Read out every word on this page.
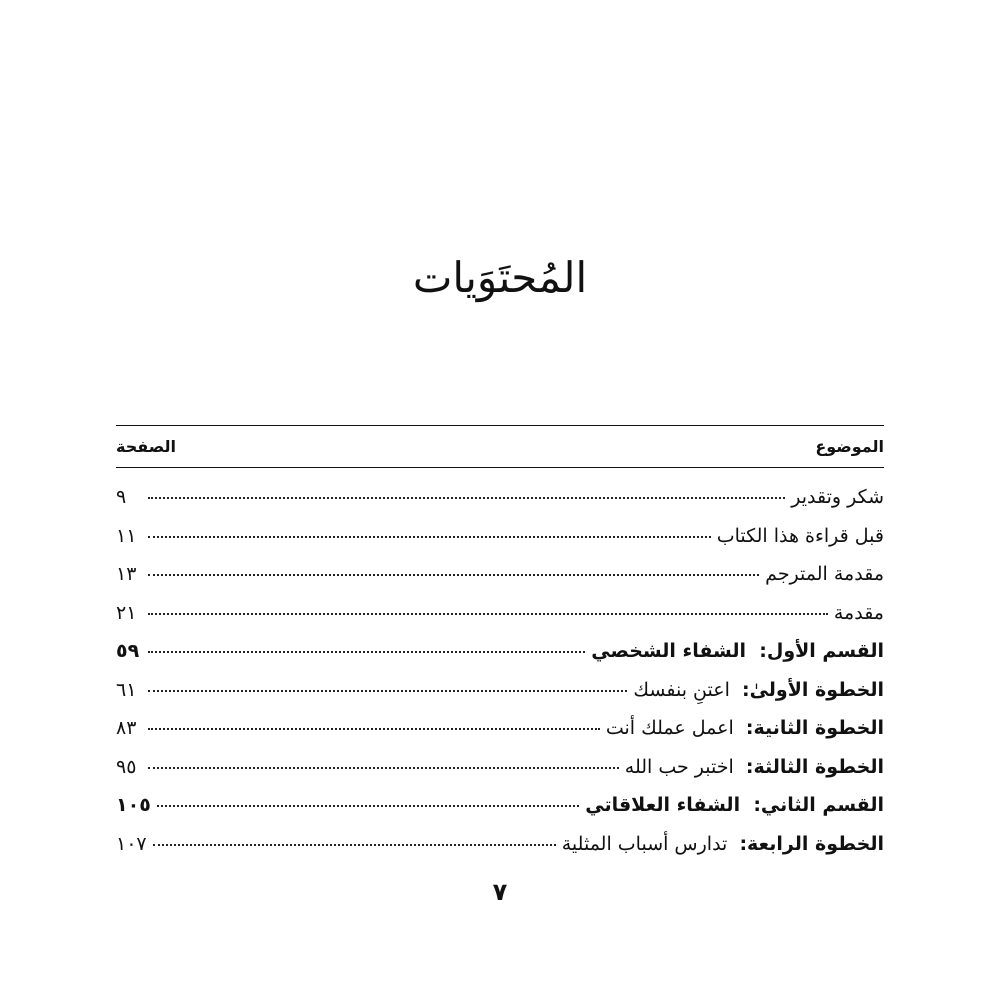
المُحتَوَيات
الموضوع
الصفحة
شكر وتقدير
٩
قبل قراءة هذا الكتاب
١١
مقدمة المترجم
١٣
مقدمة
٢١
القسم الأول:  الشفاء الشخصي
٥٩
الخطوة الأولىٰ:  اعتنِ بنفسك
٦١
الخطوة الثانية:  اعمل عملك أنت
٨٣
الخطوة الثالثة:  اختبر حب الله
٩٥
القسم الثاني:  الشفاء العلاقاتي
١٠٥
الخطوة الرابعة:  تدارس أسباب المثلية
١٠٧
٧
